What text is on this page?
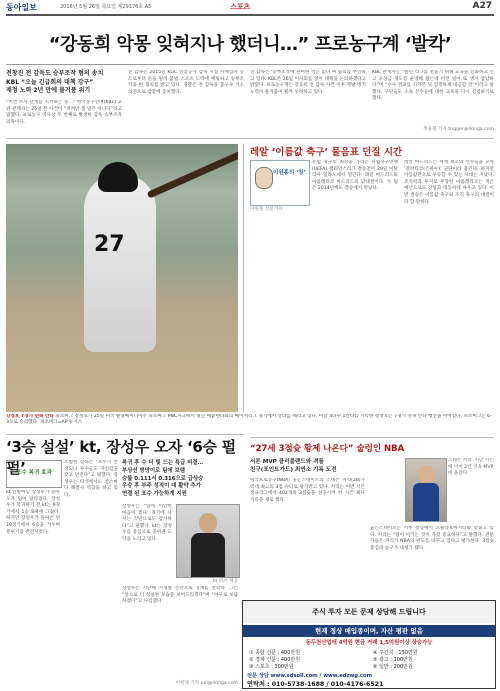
동아일보	2016년 5월 26일 목요일 제29176호 A5	스포츠	A27
“강동희 악몽 잊혀지나 했더니…” 프로농구계 ‘발칵’
전창진 전 감독도 승부조작 혐의 송치
KBL “오늘 긴급회의 대책 강구”
재정 노력 2년 만에 물거품 위기
“이번 조사 단계를 지켜보는 중…” 한국농구연맹(KBL) 고위 관계자는 25일 본 사건이 “지켜만 볼 일은 아니다”라고 말했다. 프로농구 역사상 두 번째로 발생한 감독 승부조작 의혹이다.
전 감독은 2015년 KGC 인삼공사 감독 시절 사채업자 등으로부터 돈을 빌려 불법 스포츠 도박에 베팅하고 승부조작을 한 혐의를 받고 있다. 경찰은 전 감독을 불구속 기소 의견으로 검찰에 송치했다.
전 감독은 ‘승부조작에 관여한 적은 없다’며 혐의를 부인하고 있다. KBL은 26일 이사회를 열어 대책을 논의하겠다고 밝혔다. 프로농구계는 강동희 전 감독 사건 이후 재발 방지 노력이 물거품이 될까 우려하고 있다.
KBL 관계자는 “클린 리그를 만들기 위해 교육을 강화하고 신고 포상금 제도를 운영해 왔는데 이런 일이 또 생겨 참담하다”며 “수사 결과를 지켜본 뒤 엄정하게 대응할 것”이라고 말했다. 구단들도 소속 선수들에 대한 교육을 다시 점검하기로 했다.
정윤철 기자 trigger@donga.com
27
강정호 7경기 연속 안타 피츠버그 강정호가 25일 미국 펜실베이니아주 피츠버그 PNC파크에서 열린 애틀랜타와의 메이저리그 경기에서 안타를 때리고 있다. 이날 4타수 1안타를 기록한 강정호는 7경기 연속 안타 행진을 이어갔다. 피츠버그는 6-3으로 승리했다. 피츠버그=AP 뉴시스
레알 ‘이름값 축구’ 물음표 던질 시간
이원홍의 ‘창’
이원홍 전문기자
유럽 축구의 최강을 가리는 유럽축구연맹(UEFA) 챔피언스리그 결승전이 29일 이탈리아 밀라노에서 열린다. 레알 마드리드와 아틀레티코 마드리드의 맞대결이다. 두 팀은 2014년에도 결승에서 만났다.
레알 마드리드는 세계 최고의 선수들을 모아 ‘갈락티코(은하수)’ 군단이라 불린다. 하지만 이름값만으로 우승할 수 있는 시대는 지났다. 조직력과 투지로 무장한 아틀레티코는 적은 예산으로도 강팀과 대등하게 싸우고 있다. 이번 결승은 이름값 축구와 조직 축구의 대결이라 할 만하다.
“27세 3점슛 황제 나온다” 술렁인 NBA
서른 MVP 클리블랜드와 격돌
친구(포인트가드) 최연소 기록 도전
미국프로농구(NBA) 골든스테이트의 스테픈 커리(28)가 역대 최고의 3점 슈터로 평가받고 있다. 커리는 이번 시즌 정규리그에서 402개의 3점슛을 성공시켜 한 시즌 최다 기록을 새로 썼다.
골든스테이트는 서부 결승에서 오클라호마시티와 맞붙고 있다. 커리는 “팀이 이기는 것이 가장 중요하다”고 말했다. 전문가들은 커리가 NBA의 판도를 바꾸고 있다고 평가한다. 3점슛 중심의 농구가 대세가 됐다.
스테픈 커리. 지난 시즌에 이어 2년 연속 MVP에 올랐다.
‘3승 설설’ kt, 장성우 오자 ‘6승 펄펄’
포수 복귀 효과
kt 안방마님 장성우가 돌아오자 팀이 달라졌다. 장성우가 복귀하기 전 kt는 9경기에서 1승 8패에 그쳤다. 하지만 장성우가 돌아온 뒤 19경기에서 6승을 거두며 분위기를 반전시켰다.
조범현 감독은 “포수가 안정되니 투수들도 자신감을 갖고 던진다”고 말했다. 장성우는 타석에서도 찬스마다 해결사 역할을 하고 있다.
복귀 후 수 더 빛 드는 특급 비결…
부상선 방망이로 팀에 보탬
승률 0.111서 0.316으로 급상승
우승 후 부주 성적이 대 활약 추가
연결 된 포수 가능하게 지원
장성우는 “팀에 미안한 마음이 컸다. 경기에 나서는 것만으로도 감사하다”고 말했다. kt는 장성우를 중심으로 중위권 도약을 노리고 있다.
kt 위즈 제공
장성우는 지난해 사생활 논란으로 징계를 받았다. 그는 “앞으로 더 성실한 모습을 보여드리겠다”며 “야구로 보답하겠다”고 다짐했다.
이헌재 기자 uni@donga.com
주식 투자 모든 문제 상담해 드립니다
현재 정상 매입종이며, 자산 평판 없음
동두천산업에 4억원 현금 거래 1,5억원이상 상승가능
① 종합 신문 : 400만원
② 경제 신문 : 400만원
③ 스포츠 : 300만원
④ 주간지 : 150만원
⑤ 광고 : 100만원
⑥ 일반 : 200만원
전문 상담 www.sdsoll.com / www.edzwg.com
연락처 : 010-5738-1688 / 010-4176-6521
